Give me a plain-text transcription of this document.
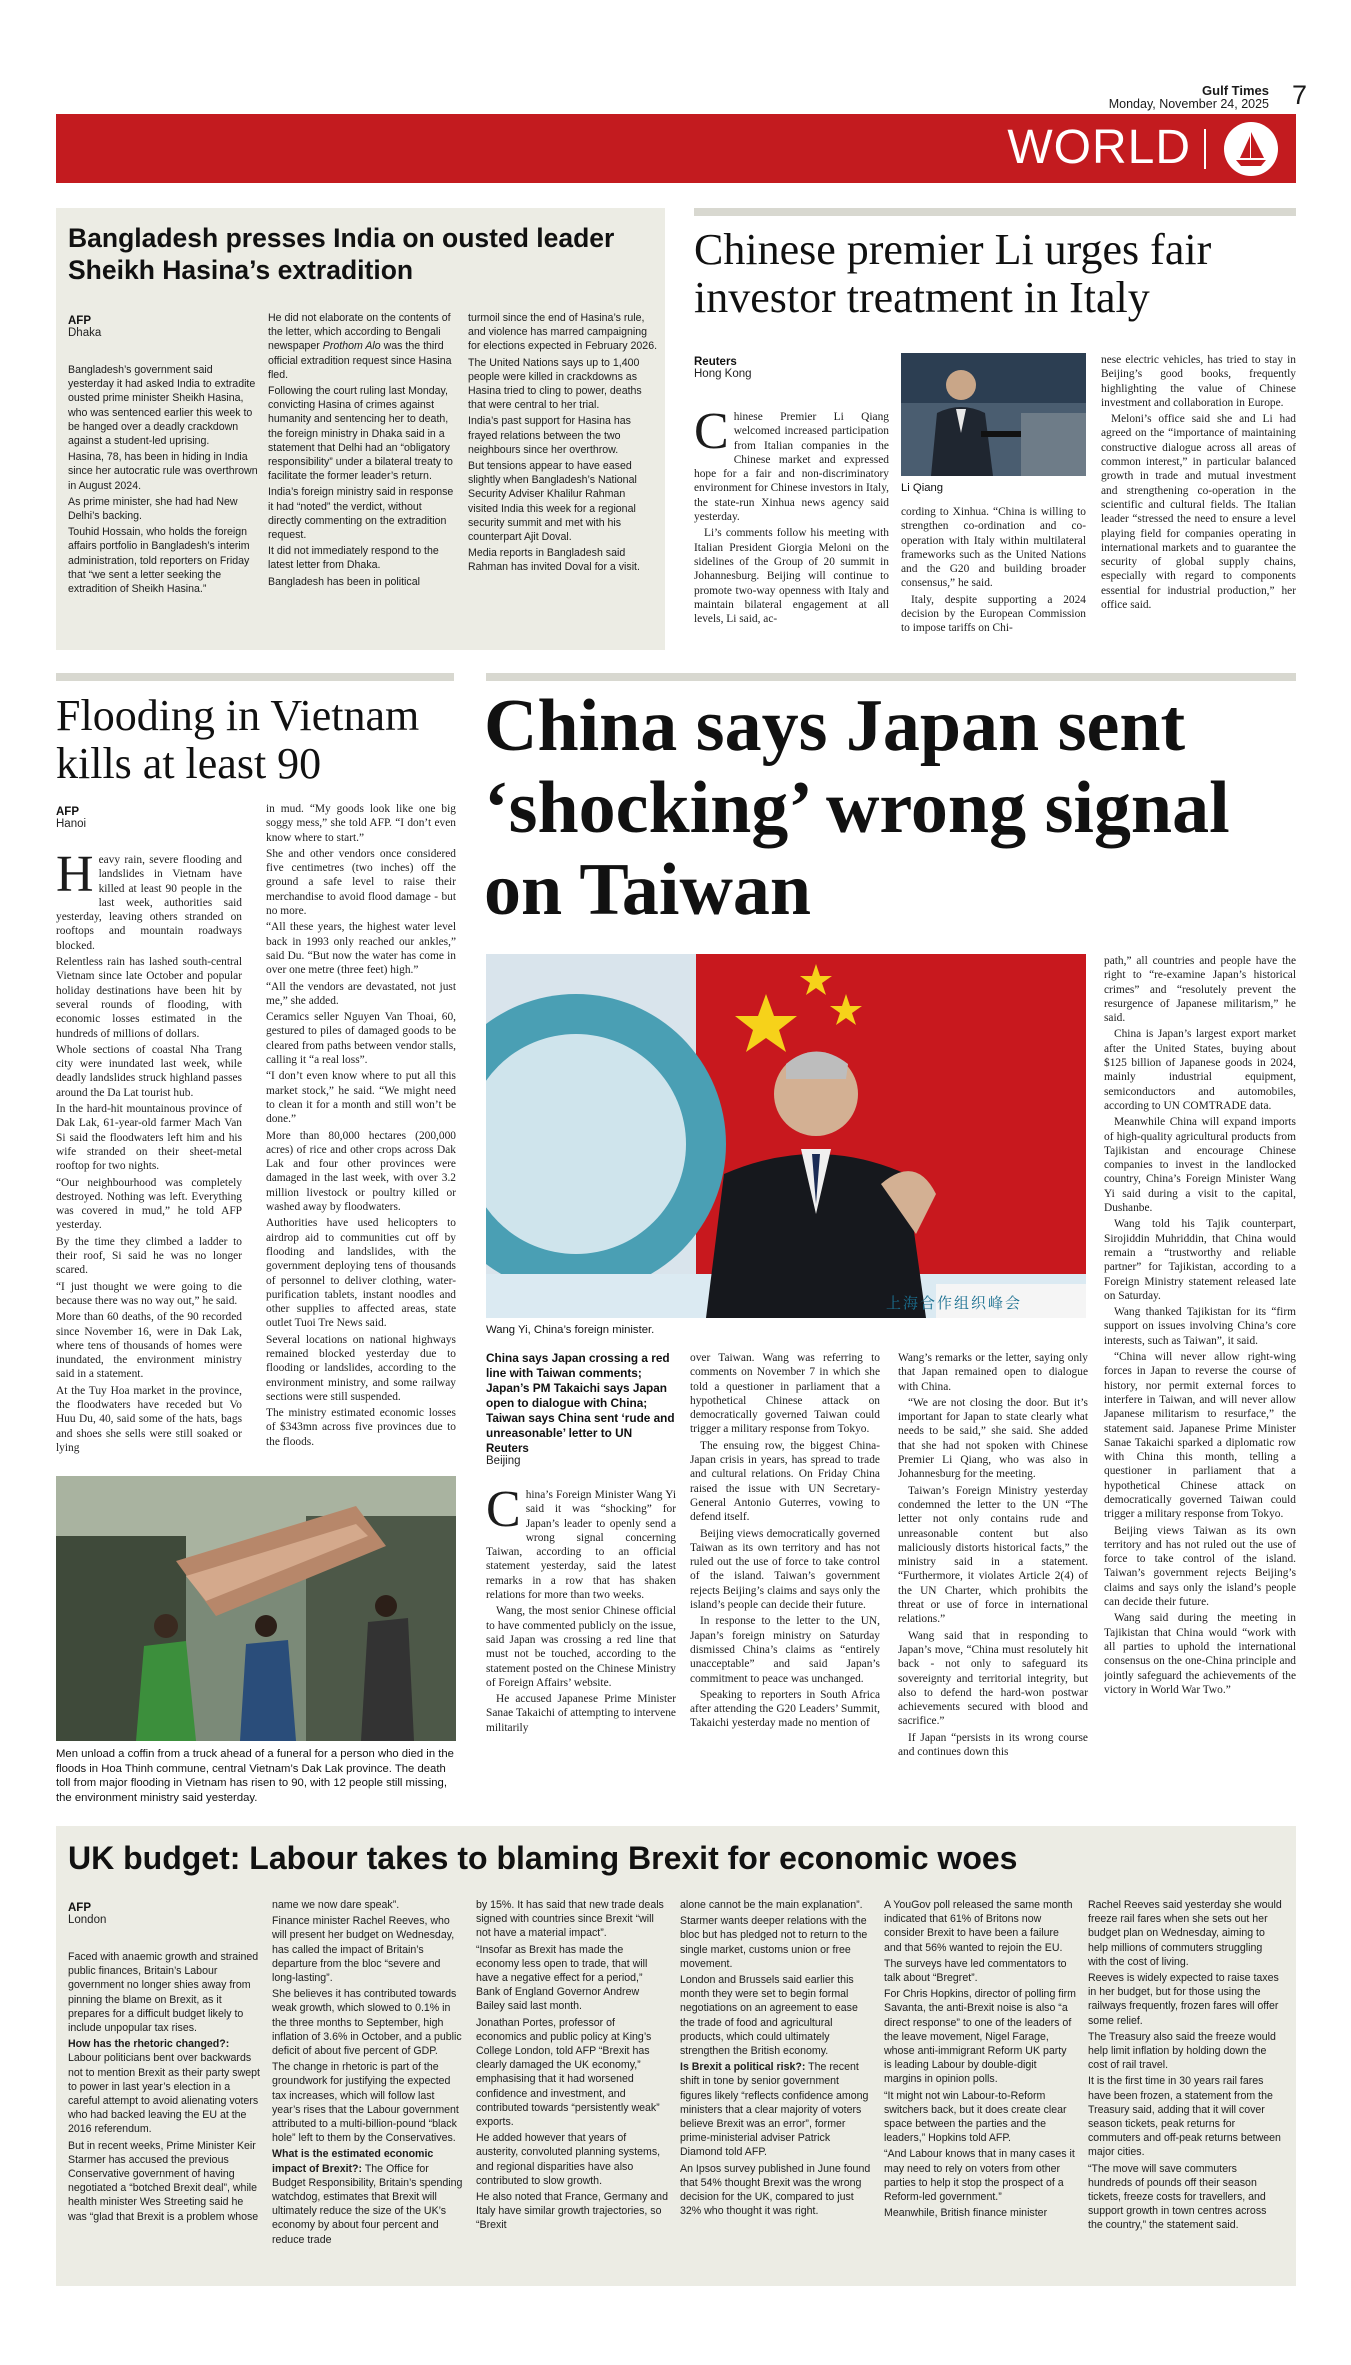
Gulf Times
Monday, November 24, 2025 7
WORLD
Bangladesh presses India on ousted leader Sheikh Hasina’s extradition
AFP
Dhaka

Bangladesh’s government said yesterday it had asked India to extradite ousted prime minister Sheikh Hasina, who was sentenced earlier this week to be hanged over a deadly crackdown against a student-led uprising.

Hasina, 78, has been in hiding in India since her autocratic rule was overthrown in August 2024.

As prime minister, she had had New Delhi’s backing.

Touhid Hossain, who holds the foreign affairs portfolio in Bangladesh’s interim administration, told reporters on Friday that “we sent a letter seeking the extradition of Sheikh Hasina.”

He did not elaborate on the contents of the letter, which according to Bengali newspaper Prothom Alo was the third official extradition request since Hasina fled.

Following the court ruling last Monday, convicting Hasina of crimes against humanity and sentencing her to death, the foreign ministry in Dhaka said in a statement that Delhi had an “obligatory responsibility” under a bilateral treaty to facilitate the former leader’s return.

India’s foreign ministry said in response it had “noted” the verdict, without directly commenting on the extradition request.

It did not immediately respond to the latest letter from Dhaka.

Bangladesh has been in political

turmoil since the end of Hasina’s rule, and violence has marred campaigning for elections expected in February 2026.

The United Nations says up to 1,400 people were killed in crackdowns as Hasina tried to cling to power, deaths that were central to her trial.

India’s past support for Hasina has frayed relations between the two neighbours since her overthrow.

But tensions appear to have eased slightly when Bangladesh’s National Security Adviser Khalilur Rahman visited India this week for a regional security summit and met with his counterpart Ajit Doval.

Media reports in Bangladesh said Rahman has invited Doval for a visit.

Chinese premier Li urges fair investor treatment in Italy
Reuters
Hong Kong
Li Qiang

Chinese Premier Li Qiang welcomed increased participation from Italian companies in the Chinese market and expressed hope for a fair and non-discriminatory environment for Chinese investors in Italy, the state-run Xinhua news agency said yesterday.

Li’s comments follow his meeting with Italian President Giorgia Meloni on the sidelines of the Group of 20 summit in Johannesburg. Beijing will continue to promote two-way openness with Italy and maintain bilateral engagement at all levels, Li said, ac-

cording to Xinhua. “China is willing to strengthen co-ordination and co-operation with Italy within multilateral frameworks such as the United Nations and the G20 and building broader consensus,” he said.

Italy, despite supporting a 2024 decision by the European Commission to impose tariffs on Chi-

nese electric vehicles, has tried to stay in Beijing’s good books, frequently highlighting the value of Chinese investment and collaboration in Europe.

Meloni’s office said she and Li had agreed on the “importance of maintaining constructive dialogue across all areas of common interest,” in particular balanced growth in trade and mutual investment and strengthening co-operation in the scientific and cultural fields. The Italian leader “stressed the need to ensure a level playing field for companies operating in international markets and to guarantee the security of global supply chains, especially with regard to components essential for industrial production,” her office said.

Flooding in Vietnam kills at least 90
AFP
Hanoi

Heavy rain, severe flooding and landslides in Vietnam have killed at least 90 people in the last week, authorities said yesterday, leaving others stranded on rooftops and mountain roadways blocked.

Relentless rain has lashed south-central Vietnam since late October and popular holiday destinations have been hit by several rounds of flooding, with economic losses estimated in the hundreds of millions of dollars.

Whole sections of coastal Nha Trang city were inundated last week, while deadly landslides struck highland passes around the Da Lat tourist hub.

In the hard-hit mountainous province of Dak Lak, 61-year-old farmer Mach Van Si said the floodwaters left him and his wife stranded on their sheet-metal rooftop for two nights.

“Our neighbourhood was completely destroyed. Nothing was left. Everything was covered in mud,” he told AFP yesterday.

By the time they climbed a ladder to their roof, Si said he was no longer scared.

“I just thought we were going to die because there was no way out,” he said.

More than 60 deaths, of the 90 recorded since November 16, were in Dak Lak, where tens of thousands of homes were inundated, the environment ministry said in a statement.

At the Tuy Hoa market in the province, the floodwaters have receded but Vo Huu Du, 40, said some of the hats, bags and shoes she sells were still soaked or lying

in mud. “My goods look like one big soggy mess,” she told AFP. “I don’t even know where to start.”

She and other vendors once considered five centimetres (two inches) off the ground a safe level to raise their merchandise to avoid flood damage - but no more.

“All these years, the highest water level back in 1993 only reached our ankles,” said Du. “But now the water has come in over one metre (three feet) high.”

“All the vendors are devastated, not just me,” she added.

Ceramics seller Nguyen Van Thoai, 60, gestured to piles of damaged goods to be cleared from paths between vendor stalls, calling it “a real loss”.

“I don’t even know where to put all this market stock,” he said. “We might need to clean it for a month and still won’t be done.”

More than 80,000 hectares (200,000 acres) of rice and other crops across Dak Lak and four other provinces were damaged in the last week, with over 3.2 million livestock or poultry killed or washed away by floodwaters.

Authorities have used helicopters to airdrop aid to communities cut off by flooding and landslides, with the government deploying tens of thousands of personnel to deliver clothing, water-purification tablets, instant noodles and other supplies to affected areas, state outlet Tuoi Tre News said.

Several locations on national highways remained blocked yesterday due to flooding or landslides, according to the environment ministry, and some railway sections were still suspended.

The ministry estimated economic losses of $343mn across five provinces due to the floods.

Men unload a coffin from a truck ahead of a funeral for a person who died in the floods in Hoa Thinh commune, central Vietnam’s Dak Lak province. The death toll from major flooding in Vietnam has risen to 90, with 12 people still missing, the environment ministry said yesterday.
China says Japan sent ‘shocking’ wrong signal on Taiwan
上海合作组织峰会
Wang Yi, China’s foreign minister.
China says Japan crossing a red line with Taiwan comments; Japan’s PM Takaichi says Japan open to dialogue with China; Taiwan says China sent ‘rude and unreasonable’ letter to UN
Reuters
Beijing

China’s Foreign Minister Wang Yi said it was “shocking” for Japan’s leader to openly send a wrong signal concerning Taiwan, according to an official statement yesterday, said the latest remarks in a row that has shaken relations for more than two weeks.

Wang, the most senior Chinese official to have commented publicly on the issue, said Japan was crossing a red line that must not be touched, according to the statement posted on the Chinese Ministry of Foreign Affairs’ website.

He accused Japanese Prime Minister Sanae Takaichi of attempting to intervene militarily

over Taiwan. Wang was referring to comments on November 7 in which she told a questioner in parliament that a hypothetical Chinese attack on democratically governed Taiwan could trigger a military response from Tokyo.

The ensuing row, the biggest China-Japan crisis in years, has spread to trade and cultural relations. On Friday China raised the issue with UN Secretary-General Antonio Guterres, vowing to defend itself.

Beijing views democratically governed Taiwan as its own territory and has not ruled out the use of force to take control of the island. Taiwan’s government rejects Beijing’s claims and says only the island’s people can decide their future.

In response to the letter to the UN, Japan’s foreign ministry on Saturday dismissed China’s claims as “entirely unacceptable” and said Japan’s commitment to peace was unchanged.

Speaking to reporters in South Africa after attending the G20 Leaders’ Summit, Takaichi yesterday made no mention of

Wang’s remarks or the letter, saying only that Japan remained open to dialogue with China.

“We are not closing the door. But it’s important for Japan to state clearly what needs to be said,” she said. She added that she had not spoken with Chinese Premier Li Qiang, who was also in Johannesburg for the meeting.

Taiwan’s Foreign Ministry yesterday condemned the letter to the UN “The letter not only contains rude and unreasonable content but also maliciously distorts historical facts,” the ministry said in a statement. “Furthermore, it violates Article 2(4) of the UN Charter, which prohibits the threat or use of force in international relations.”

Wang said that in responding to Japan’s move, “China must resolutely hit back - not only to safeguard its sovereignty and territorial integrity, but also to defend the hard-won postwar achievements secured with blood and sacrifice.”

If Japan “persists in its wrong course and continues down this

path,” all countries and people have the right to “re-examine Japan’s historical crimes” and “resolutely prevent the resurgence of Japanese militarism,” he said.

China is Japan’s largest export market after the United States, buying about $125 billion of Japanese goods in 2024, mainly industrial equipment, semiconductors and automobiles, according to UN COMTRADE data.

Meanwhile China will expand imports of high-quality agricultural products from Tajikistan and encourage Chinese companies to invest in the landlocked country, China’s Foreign Minister Wang Yi said during a visit to the capital, Dushanbe.

Wang told his Tajik counterpart, Sirojiddin Muhriddin, that China would remain a “trustworthy and reliable partner” for Tajikistan, according to a Foreign Ministry statement released late on Saturday.

Wang thanked Tajikistan for its “firm support on issues involving China’s core interests, such as Taiwan”, it said.

“China will never allow right-wing forces in Japan to reverse the course of history, nor permit external forces to interfere in Taiwan, and will never allow Japanese militarism to resurface,” the statement said. Japanese Prime Minister Sanae Takaichi sparked a diplomatic row with China this month, telling a questioner in parliament that a hypothetical Chinese attack on democratically governed Taiwan could trigger a military response from Tokyo.

Beijing views Taiwan as its own territory and has not ruled out the use of force to take control of the island. Taiwan’s government rejects Beijing’s claims and says only the island’s people can decide their future.

Wang said during the meeting in Tajikistan that China would “work with all parties to uphold the international consensus on the one-China principle and jointly safeguard the achievements of the victory in World War Two.”

UK budget: Labour takes to blaming Brexit for economic woes
AFP
London

Faced with anaemic growth and strained public finances, Britain’s Labour government no longer shies away from pinning the blame on Brexit, as it prepares for a difficult budget likely to include unpopular tax rises.

How has the rhetoric changed?: Labour politicians bent over backwards not to mention Brexit as their party swept to power in last year’s election in a careful attempt to avoid alienating voters who had backed leaving the EU at the 2016 referendum.

But in recent weeks, Prime Minister Keir Starmer has accused the previous Conservative government of having negotiated a “botched Brexit deal”, while health minister Wes Streeting said he was “glad that Brexit is a problem whose

name we now dare speak”.

Finance minister Rachel Reeves, who will present her budget on Wednesday, has called the impact of Britain’s departure from the bloc “severe and long-lasting”.

She believes it has contributed towards weak growth, which slowed to 0.1% in the three months to September, high inflation of 3.6% in October, and a public deficit of about five percent of GDP.

The change in rhetoric is part of the groundwork for justifying the expected tax increases, which will follow last year’s rises that the Labour government attributed to a multi-billion-pound “black hole” left to them by the Conservatives.

What is the estimated economic impact of Brexit?: The Office for Budget Responsibility, Britain’s spending watchdog, estimates that Brexit will ultimately reduce the size of the UK’s economy by about four percent and reduce trade

by 15%. It has said that new trade deals signed with countries since Brexit “will not have a material impact”.

“Insofar as Brexit has made the economy less open to trade, that will have a negative effect for a period,” Bank of England Governor Andrew Bailey said last month.

Jonathan Portes, professor of economics and public policy at King’s College London, told AFP “Brexit has clearly damaged the UK economy,” emphasising that it had worsened confidence and investment, and contributed towards “persistently weak” exports.

He added however that years of austerity, convoluted planning systems, and regional disparities have also contributed to slow growth.

He also noted that France, Germany and Italy have similar growth trajectories, so “Brexit

alone cannot be the main explanation”.

Starmer wants deeper relations with the bloc but has pledged not to return to the single market, customs union or free movement.

London and Brussels said earlier this month they were set to begin formal negotiations on an agreement to ease the trade of food and agricultural products, which could ultimately strengthen the British economy.

Is Brexit a political risk?: The recent shift in tone by senior government figures likely “reflects confidence among ministers that a clear majority of voters believe Brexit was an error”, former prime-ministerial adviser Patrick Diamond told AFP.

An Ipsos survey published in June found that 54% thought Brexit was the wrong decision for the UK, compared to just 32% who thought it was right.

A YouGov poll released the same month indicated that 61% of Britons now consider Brexit to have been a failure and that 56% wanted to rejoin the EU.

The surveys have led commentators to talk about “Bregret”.

For Chris Hopkins, director of polling firm Savanta, the anti-Brexit noise is also “a direct response” to one of the leaders of the leave movement, Nigel Farage, whose anti-immigrant Reform UK party is leading Labour by double-digit margins in opinion polls.

“It might not win Labour-to-Reform switchers back, but it does create clear space between the parties and the leaders,” Hopkins told AFP.

“And Labour knows that in many cases it may need to rely on voters from other parties to help it stop the prospect of a Reform-led government.”

Meanwhile, British finance minister

Rachel Reeves said yesterday she would freeze rail fares when she sets out her budget plan on Wednesday, aiming to help millions of commuters struggling with the cost of living.

Reeves is widely expected to raise taxes in her budget, but for those using the railways frequently, frozen fares will offer some relief.

The Treasury also said the freeze would help limit inflation by holding down the cost of rail travel.

It is the first time in 30 years rail fares have been frozen, a statement from the Treasury said, adding that it will cover season tickets, peak returns for commuters and off-peak returns between major cities.

“The move will save commuters hundreds of pounds off their season tickets, freeze costs for travellers, and support growth in town centres across the country,” the statement said.
